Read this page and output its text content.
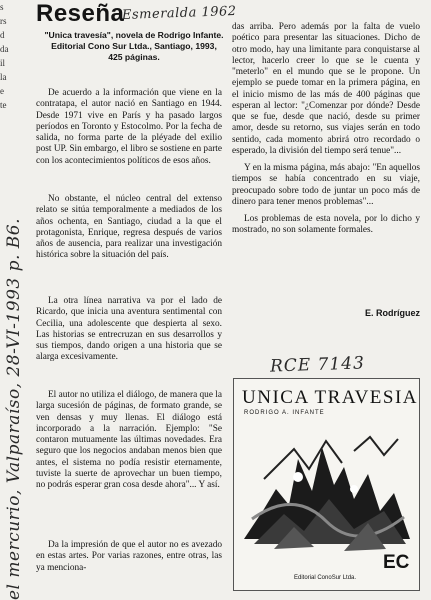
s
rs
d
da
il
la
e
te
Reseña
Esmeralda 1962
"Unica travesía", novela de Rodrigo Infante. Editorial Cono Sur Ltda., Santiago, 1993, 425 páginas.
el mercurio, Valparaíso, 28-VI-1993 p. B6.

De acuerdo a la información que viene en la contratapa, el autor nació en Santiago en 1944. Desde 1971 vive en París y ha pasado largos períodos en Toronto y Estocolmo. Por la fecha de salida, no forma parte de la pléyade del exilio post UP. Sin embargo, el libro se sostiene en parte con los acontecimientos políticos de esos años.

No obstante, el núcleo central del extenso relato se sitúa temporalmente a mediados de los años ochenta, en Santiago, ciudad a la que el protagonista, Enrique, regresa después de varios años de ausencia, para realizar una investigación histórica sobre la situación del país.

La otra línea narrativa va por el lado de Ricardo, que inicia una aventura sentimental con Cecilia, una adolescente que despierta al sexo. Las historias se entrecruzan en sus desarrollos y sus tiempos, dando origen a una historia que se alarga excesivamente.

El autor no utiliza el diálogo, de manera que la larga sucesión de páginas, de formato grande, se ven densas y muy llenas. El diálogo está incorporado a la narración. Ejemplo: "Se contaron mutuamente las últimas novedades. Era seguro que los negocios andaban menos bien que antes, el sistema no podía resistir eternamente, tuviste la suerte de aprovechar un buen tiempo, no podrás esperar gran cosa desde ahora"... Y así.

Da la impresión de que el autor no es avezado en estas artes. Por varias razones, entre otras, las ya menciona-

das arriba. Pero además por la falta de vuelo poético para presentar las situaciones. Dicho de otro modo, hay una limitante para conquistarse al lector, hacerlo creer lo que se le cuenta y "meterlo" en el mundo que se le propone. Un ejemplo se puede tomar en la primera página, en el inicio mismo de las más de 400 páginas que esperan al lector: "¿Comenzar por dónde? Desde que se fue, desde que nació, desde su primer amor, desde su retorno, sus viajes serán en todo sentido, cada momento abrirá otro recordado o esperado, la división del tiempo será tenue"...

Y en la misma página, más abajo: "En aquellos tiempos se había concentrado en su viaje, preocupado sobre todo de juntar un poco más de dinero para tener menos problemas"...

Los problemas de esta novela, por lo dicho y mostrado, no son solamente formales.

E. Rodríguez
RCE 7143
UNICA TRAVESIA
RODRIGO A. INFANTE
EC
Editorial ConoSur Ltda.
